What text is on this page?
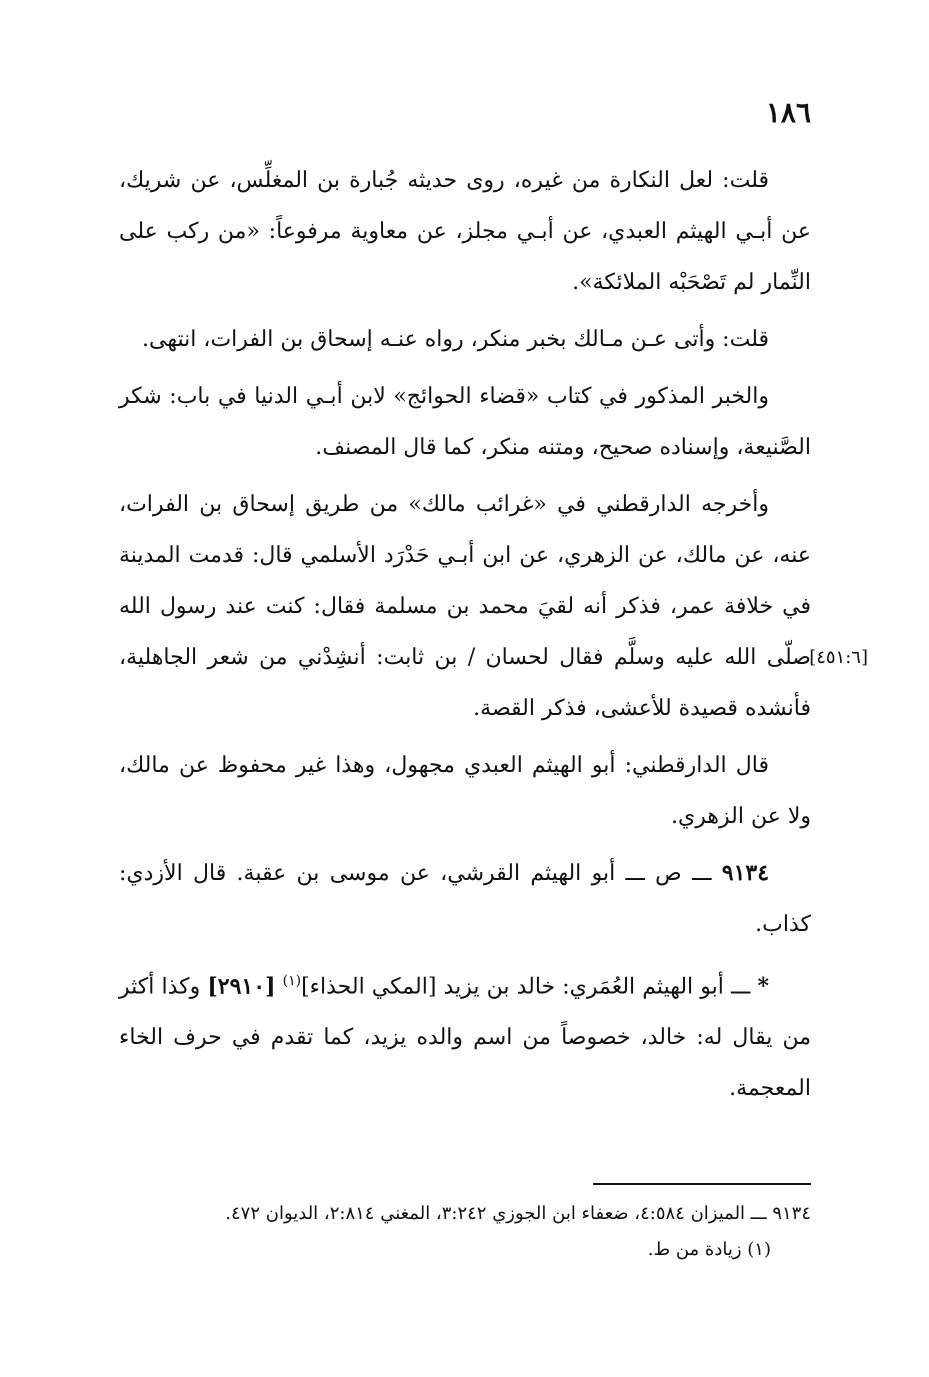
١٨٦

قلت: لعل النكارة من غيره، روى حديثه جُبارة بن المغلِّس، عن شريك، عن أبـي الهيثم العبدي، عن أبـي مجلز، عن معاوية مرفوعاً: «من ركب على النِّمار لم تَصْحَبْه الملائكة».

قلت: وأتى عـن مـالك بخبر منكر، رواه عنـه إسحاق بن الفرات، انتهى.

والخبر المذكور في كتاب «قضاء الحوائج» لابن أبـي الدنيا في باب: شكر الصَّنيعة، وإسناده صحيح، ومتنه منكر، كما قال المصنف.

وأخرجه الدارقطني في «غرائب مالك» من طريق إسحاق بن الفرات، عنه، عن مالك، عن الزهري، عن ابن أبـي حَدْرَد الأسلمي قال: قدمت المدينة في خلافة عمر، فذكر أنه لقيَ محمد بن مسلمة فقال: كنت عند رسول الله صلّى الله عليه وسلَّم فقال لحسان / بن ثابت: أنشِدْني من شعر الجاهلية، فأنشده قصيدة للأعشى، فذكر القصة.
[٤٥١:٦]

قال الدارقطني: أبو الهيثم العبدي مجهول، وهذا غير محفوظ عن مالك، ولا عن الزهري.

٩١٣٤ ـــ ص ـــ أبو الهيثم القرشي، عن موسى بن عقبة. قال الأزدي: كذاب.

* ـــ أبو الهيثم العُمَري: خالد بن يزيد [المكي الحذاء]$^{(١)}$ [٢٩١٠] وكذا أكثر من يقال له: خالد، خصوصاً من اسم والده يزيد، كما تقدم في حرف الخاء المعجمة.

٩١٣٤ ـــ الميزان ٤:٥٨٤، ضعفاء ابن الجوزي ٣:٢٤٢، المغني ٢:٨١٤، الديوان ٤٧٢.
(١) زيادة من ط.
